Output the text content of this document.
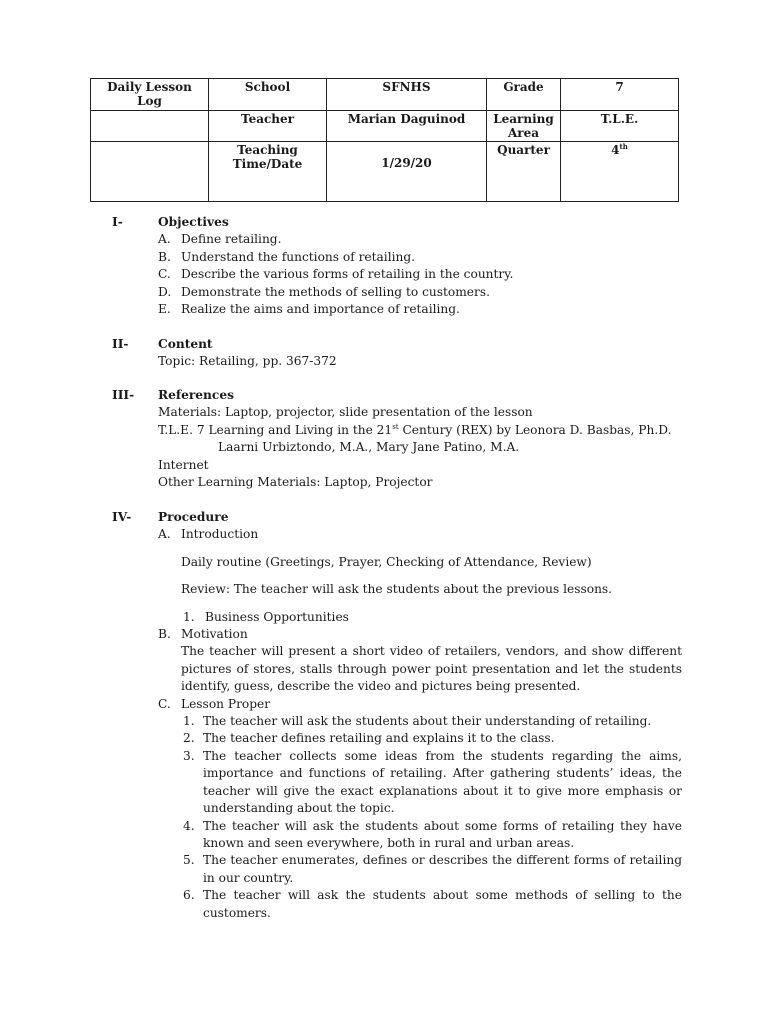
Daily Lesson Log	School	SFNHS	Grade	7
	Teacher	Marian Daguinod	Learning Area	T.L.E.
	Teaching Time/Date	1/29/20	Quarter	4th
I-	Objectives
A. Define retailing.
B. Understand the functions of retailing.
C. Describe the various forms of retailing in the country.
D. Demonstrate the methods of selling to customers.
E. Realize the aims and importance of retailing.
II- Content
Topic: Retailing, pp. 367-372
III- References
Materials: Laptop, projector, slide presentation of the lesson
T.L.E. 7 Learning and Living in the 21st Century (REX) by Leonora D. Basbas, Ph.D.
Laarni Urbiztondo, M.A., Mary Jane Patino, M.A.
Internet
Other Learning Materials: Laptop, Projector
IV- Procedure
A. Introduction
Daily routine (Greetings, Prayer, Checking of Attendance, Review)
Review: The teacher will ask the students about the previous lessons.
1. Business Opportunities
B. Motivation
The teacher will present a short video of retailers, vendors, and show different pictures of stores, stalls through power point presentation and let the students identify, guess, describe the video and pictures being presented.
C. Lesson Proper
1. The teacher will ask the students about their understanding of retailing.
2. The teacher defines retailing and explains it to the class.
3. The teacher collects some ideas from the students regarding the aims, importance and functions of retailing. After gathering students’ ideas, the teacher will give the exact explanations about it to give more emphasis or understanding about the topic.
4. The teacher will ask the students about some forms of retailing they have known and seen everywhere, both in rural and urban areas.
5. The teacher enumerates, defines or describes the different forms of retailing in our country.
6. The teacher will ask the students about some methods of selling to the customers.
